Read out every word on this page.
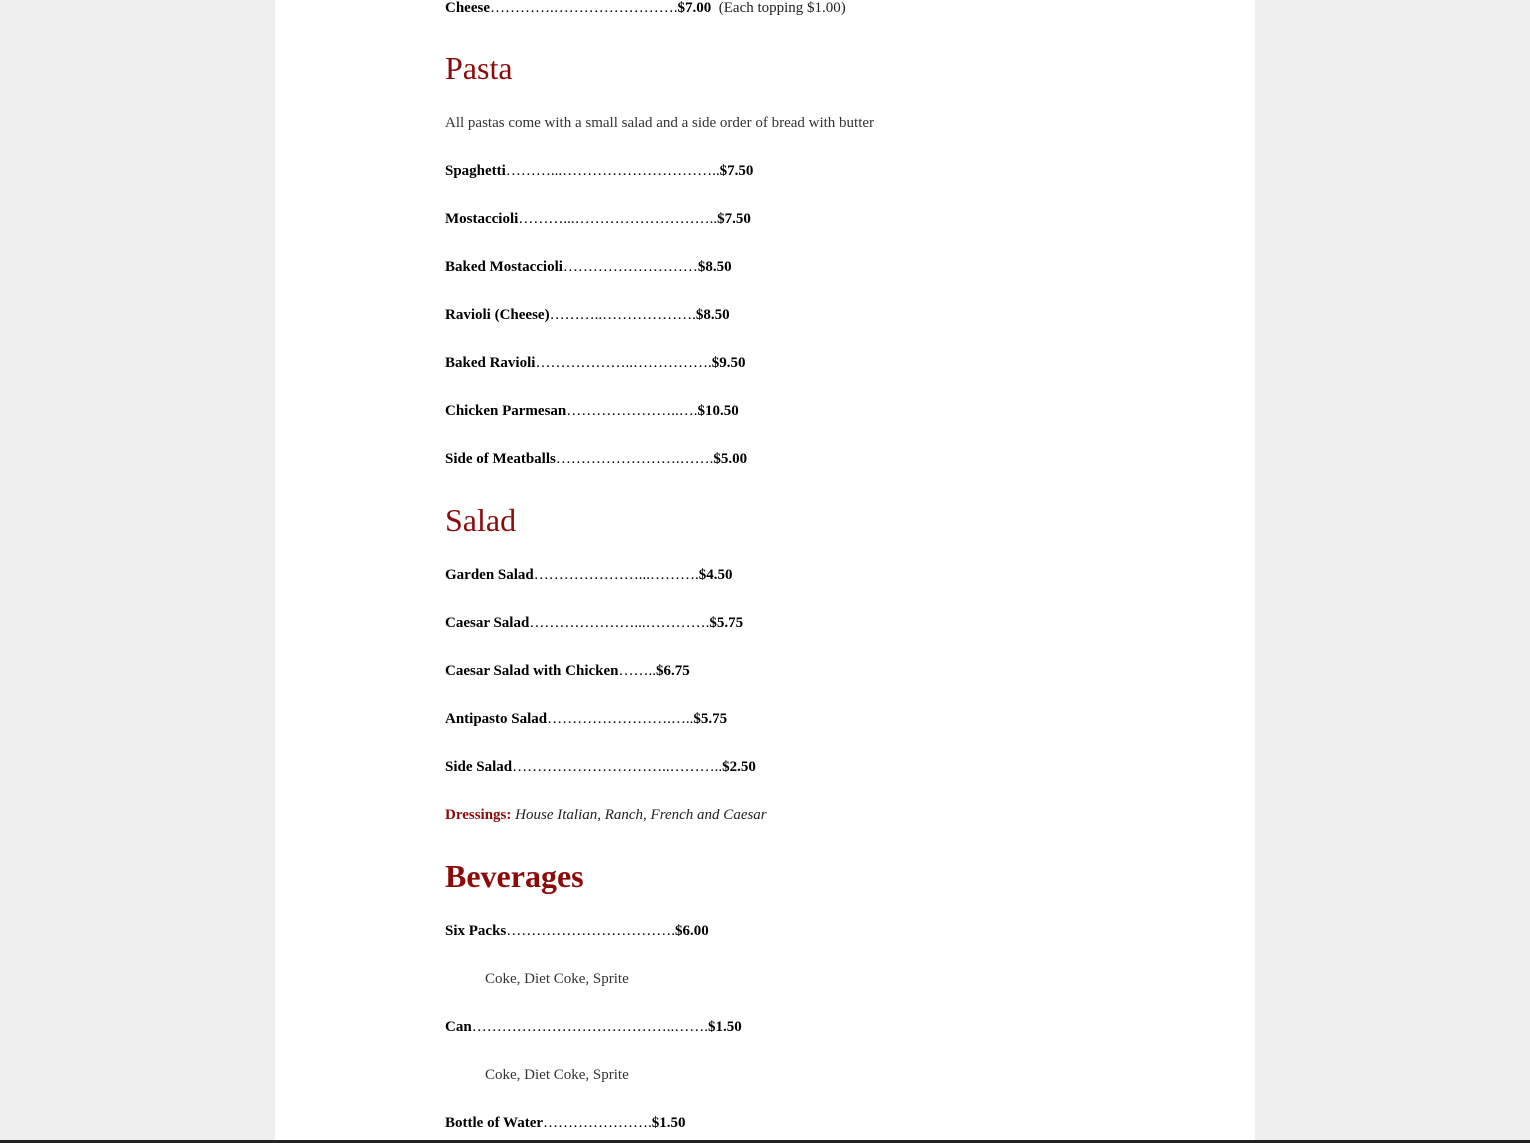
Cheese………….…………………….$7.00 (Each topping $1.00)
Pasta
All pastas come with a small salad and a side order of bread with butter
Spaghetti………...…………………………..$7.50
Mostaccioli………...………………………..$7.50
Baked Mostaccioli………………………$8.50
Ravioli (Cheese)………..……………….$8.50
Baked Ravioli………………..…………….$9.50
Chicken Parmesan…………………..….$10.50
Side of Meatballs…………………….…….$5.00
Salad
Garden Salad…………………...……….$4.50
Caesar Salad…………………...………….$5.75
Caesar Salad with Chicken……..$6.75
Antipasto Salad…………………….…..$5.75
Side Salad…………………………..………..$2.50
Dressings: House Italian, Ranch, French and Caesar
Beverages
Six Packs…………………………….$6.00
Coke, Diet Coke, Sprite
Can…………………………………..…….$1.50
Coke, Diet Coke, Sprite
Bottle of Water………………….$1.50
